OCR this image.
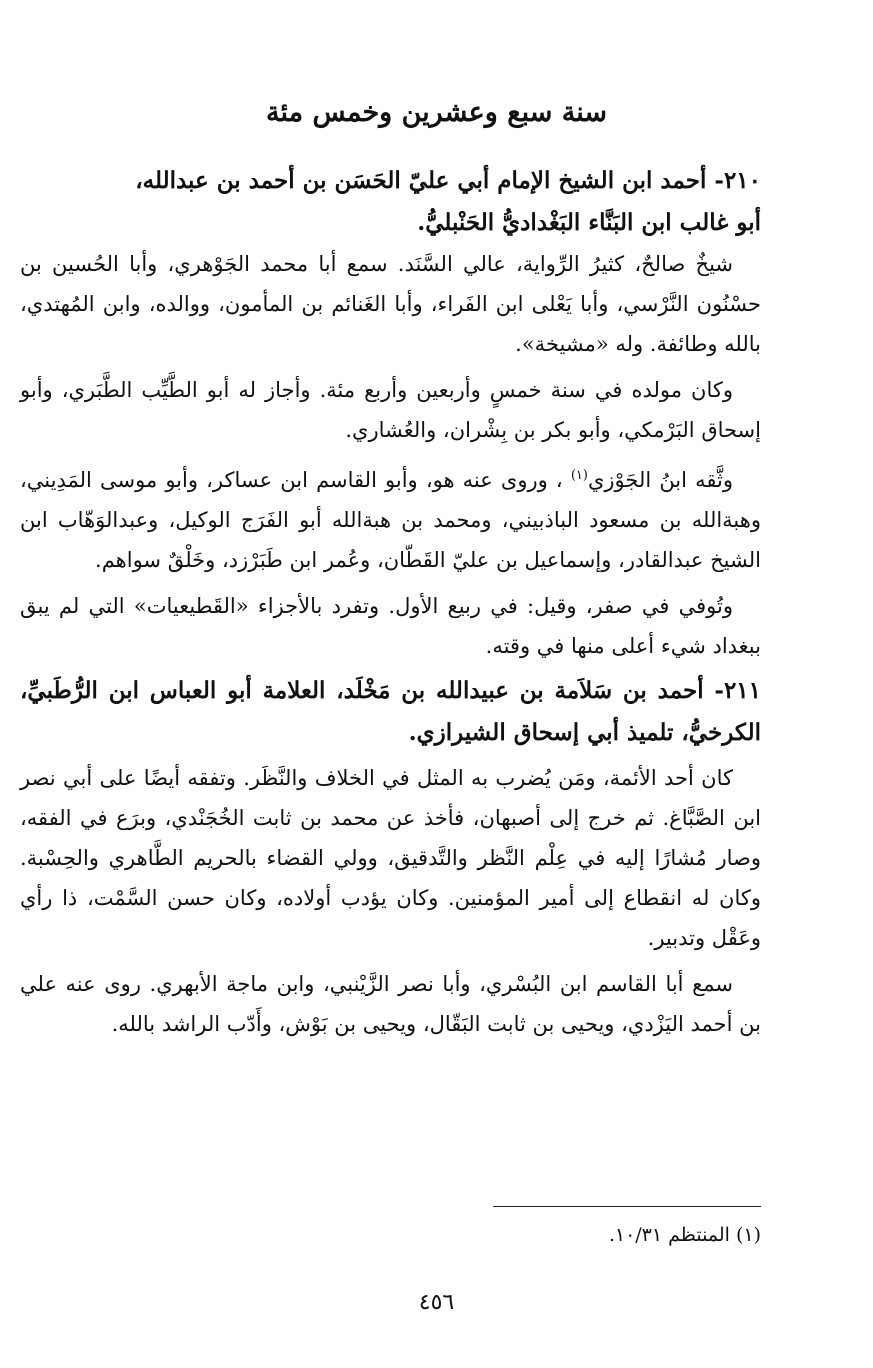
سنة سبع وعشرين وخمس مئة
٢١٠- أحمد ابن الشيخ الإمام أبي عليّ الحَسَن بن أحمد بن عبدالله،
أبو غالب ابن البَنَّاء البَغْداديُّ الحَنْبليُّ.
شيخٌ صالحٌ، كثيرُ الرِّواية، عالي السَّنَد. سمع أبا محمد الجَوْهري، وأبا الحُسين بن حسْنُون النَّرْسي، وأبا يَعْلى ابن الفَراء، وأبا الغَنائم بن المأمون، ووالده، وابن المُهتدي، بالله وطائفة. وله «مشيخة».
وكان مولده في سنة خمسٍ وأربعين وأربع مئة. وأجاز له أبو الطَّيِّب الطَّبَري، وأبو إسحاق البَرْمكي، وأبو بكر بن بِشْران، والعُشاري.
وثَّقه ابنُ الجَوْزي$^{(١)}$ ، وروى عنه هو، وأبو القاسم ابن عساكر، وأبو موسى المَدِيني، وهبةالله بن مسعود الباذبيني، ومحمد بن هبةالله أبو الفَرَج الوكيل، وعبدالوَهّاب ابن الشيخ عبدالقادر، وإسماعيل بن عليّ القَطّان، وعُمر ابن طَبَرْزد، وخَلْقٌ سواهم.
وتُوفي في صفر، وقيل: في ربيع الأول. وتفرد بالأجزاء «القَطيعيات» التي لم يبق ببغداد شيء أعلى منها في وقته.
٢١١- أحمد بن سَلاَمة بن عبيدالله بن مَخْلَد، العلامة أبو العباس ابن الرُّطَبيِّ، الكرخيُّ، تلميذ أبي إسحاق الشيرازي.
كان أحد الأئمة، ومَن يُضرب به المثل في الخلاف والنَّظَر. وتفقه أيضًا على أبي نصر ابن الصَّبَّاغ. ثم خرج إلى أصبهان، فأخذ عن محمد بن ثابت الخُجَنْدي، وبرَع في الفقه، وصار مُشارًا إليه في عِلْم النَّظر والتَّدقيق، وولي القضاء بالحريم الطَّاهري والحِسْبة. وكان له انقطاع إلى أمير المؤمنين. وكان يؤدب أولاده، وكان حسن السَّمْت، ذا رأي وعَقْل وتدبير.
سمع أبا القاسم ابن البُسْري، وأبا نصر الزَّيْنبي، وابن ماجة الأبهري. روى عنه علي بن أحمد اليَزْدي، ويحيى بن ثابت البَقّال، ويحيى بن بَوْش، وأَدّب الراشد بالله.
(١) المنتظم ١٠/٣١.
٤٥٦
